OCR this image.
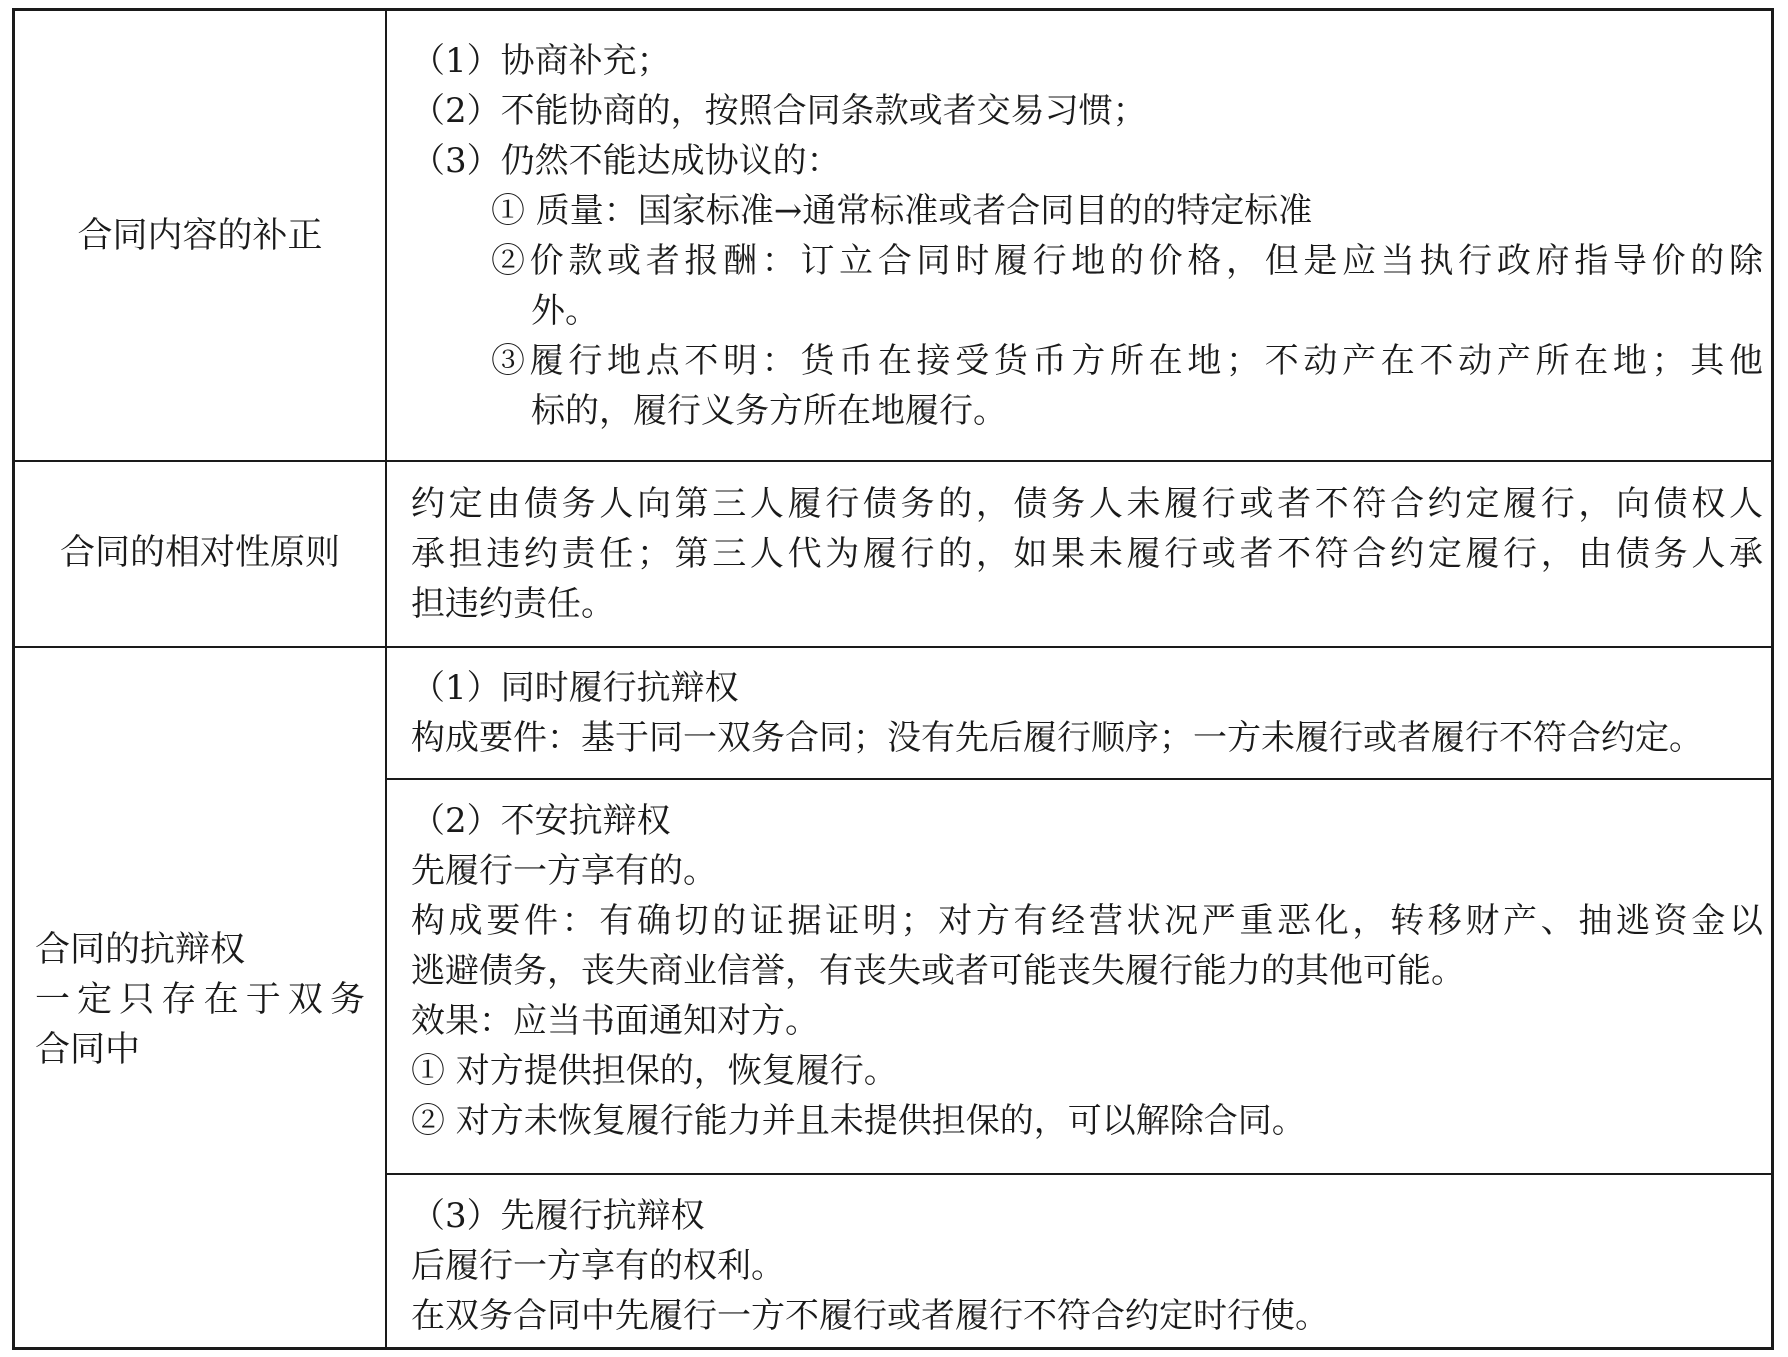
合同内容的补正
（1）协商补充；
（2）不能协商的，按照合同条款或者交易习惯；
（3）仍然不能达成协议的：
① 质量：国家标准→通常标准或者合同目的的特定标准
②价款或者报酬：订立合同时履行地的价格，但是应当执行政府指导价的除
外。
③履行地点不明：货币在接受货币方所在地；不动产在不动产所在地；其他
标的，履行义务方所在地履行。
合同的相对性原则
约定由债务人向第三人履行债务的，债务人未履行或者不符合约定履行，向债权人
承担违约责任；第三人代为履行的，如果未履行或者不符合约定履行，由债务人承
担违约责任。
合同的抗辩权
一定只存在于双务
合同中
（1）同时履行抗辩权
构成要件：基于同一双务合同；没有先后履行顺序；一方未履行或者履行不符合约定。
（2）不安抗辩权
先履行一方享有的。
构成要件：有确切的证据证明；对方有经营状况严重恶化，转移财产、抽逃资金以
逃避债务，丧失商业信誉，有丧失或者可能丧失履行能力的其他可能。
效果：应当书面通知对方。
① 对方提供担保的，恢复履行。
② 对方未恢复履行能力并且未提供担保的，可以解除合同。
（3）先履行抗辩权
后履行一方享有的权利。
在双务合同中先履行一方不履行或者履行不符合约定时行使。
